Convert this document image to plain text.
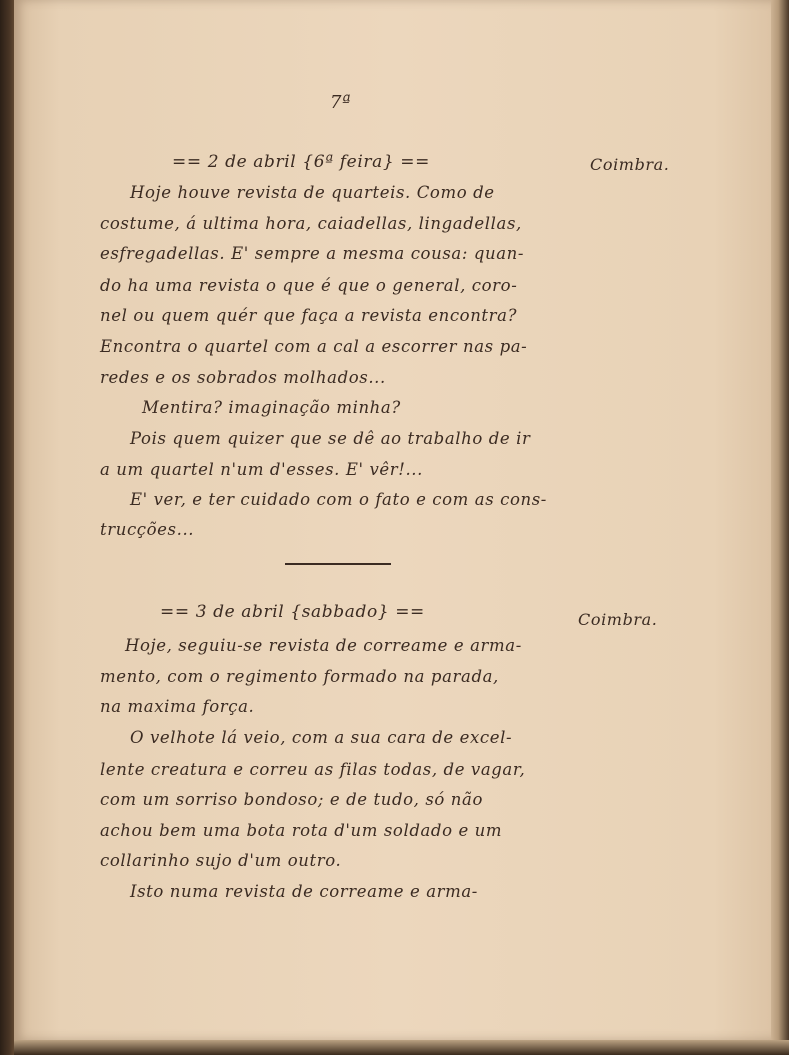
7ª
== 2 de abril {6ª feira} ==	Coimbra.
Hoje houve revista de quarteis. Como de
costume, á ultima hora, caiadellas, lingadellas,
esfregadellas. E' sempre a mesma cousa: quan-
do ha uma revista o que é que o general, coro-
nel ou quem quér que faça a revista encontra?
Encontra o quartel com a cal a escorrer nas pa-
redes e os sobrados molhados...
Mentira? imaginação minha?
Pois quem quizer que se dê ao trabalho de ir
a um quartel n'um d'esses. E' vêr!...
E' ver, e ter cuidado com o fato e com as cons-
trucções...
== 3 de abril {sabbado} ==	Coimbra.
Hoje, seguiu-se revista de correame e arma-
mento, com o regimento formado na parada,
na maxima força.
O velhote lá veio, com a sua cara de excel-
lente creatura e correu as filas todas, de vagar,
com um sorriso bondoso; e de tudo, só não
achou bem uma bota rota d'um soldado e um
collarinho sujo d'um outro.
Isto numa revista de correame e arma-
